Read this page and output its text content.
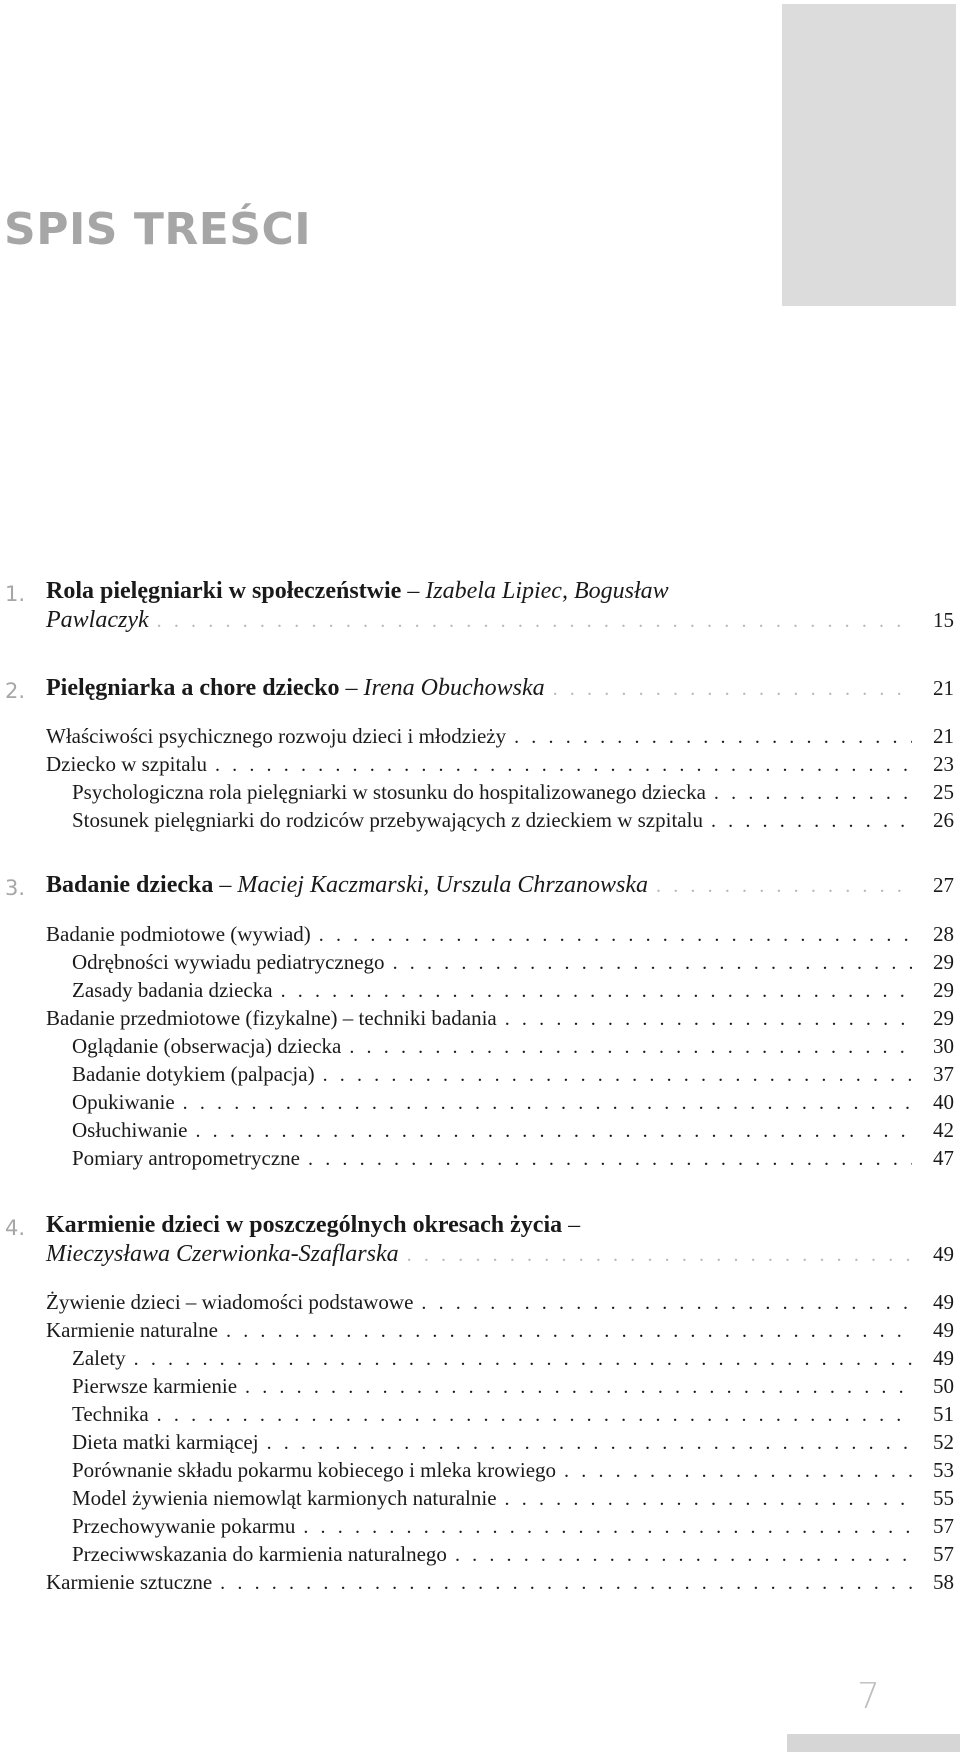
SPIS TREŚCI
1. Rola pielęgniarki w społeczeństwie – Izabela Lipiec, Bogusław
Pawlaczyk . . .	15
2. Pielęgniarka a chore dziecko – Irena Obuchowska . . .	21
Właściwości psychicznego rozwoju dzieci i młodzieży . . .	21
Dziecko w szpitalu . . .	23
Psychologiczna rola pielęgniarki w stosunku do hospitalizowanego dziecka . . .	25
Stosunek pielęgniarki do rodziców przebywających z dzieckiem w szpitalu . . .	26
3. Badanie dziecka – Maciej Kaczmarski, Urszula Chrzanowska . . .	27
Badanie podmiotowe (wywiad) . . .	28
Odrębności wywiadu pediatrycznego . . .	29
Zasady badania dziecka . . .	29
Badanie przedmiotowe (fizykalne) – techniki badania . . .	29
Oglądanie (obserwacja) dziecka . . .	30
Badanie dotykiem (palpacja) . . .	37
Opukiwanie . . .	40
Osłuchiwanie . . .	42
Pomiary antropometryczne . . .	47
4. Karmienie dzieci w poszczególnych okresach życia –
Mieczysława Czerwionka-Szaflarska . . .	49
Żywienie dzieci – wiadomości podstawowe . . .	49
Karmienie naturalne . . .	49
Zalety . . .	49
Pierwsze karmienie . . .	50
Technika . . .	51
Dieta matki karmiącej . . .	52
Porównanie składu pokarmu kobiecego i mleka krowiego . . .	53
Model żywienia niemowląt karmionych naturalnie . . .	55
Przechowywanie pokarmu . . .	57
Przeciwwskazania do karmienia naturalnego . . .	57
Karmienie sztuczne . . .	58
7
